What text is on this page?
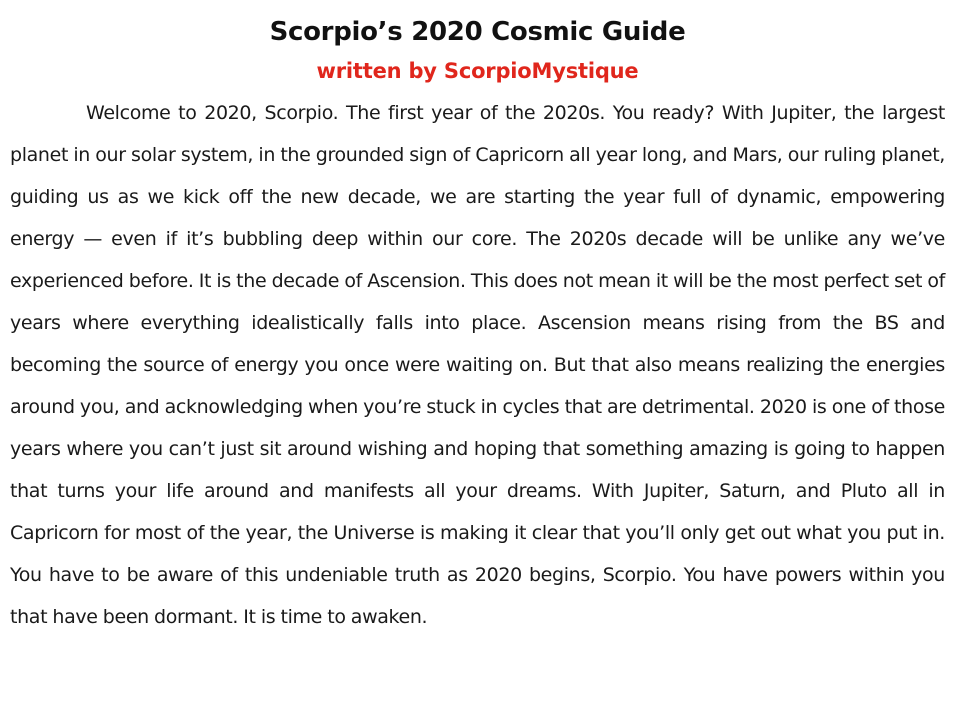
Scorpio’s 2020 Cosmic Guide
written by ScorpioMystique

Welcome to 2020, Scorpio. The first year of the 2020s. You ready? With Jupiter, the largest planet in our solar system, in the grounded sign of Capricorn all year long, and Mars, our ruling planet, guiding us as we kick off the new decade, we are starting the year full of dynamic, empowering energy — even if it’s bubbling deep within our core. The 2020s decade will be unlike any we’ve experienced before. It is the decade of Ascension. This does not mean it will be the most perfect set of years where everything idealistically falls into place. Ascension means rising from the BS and becoming the source of energy you once were waiting on. But that also means realizing the energies around you, and acknowledging when you’re stuck in cycles that are detrimental. 2020 is one of those years where you can’t just sit around wishing and hoping that something amazing is going to happen that turns your life around and manifests all your dreams. With Jupiter, Saturn, and Pluto all in Capricorn for most of the year, the Universe is making it clear that you’ll only get out what you put in. You have to be aware of this undeniable truth as 2020 begins, Scorpio. You have powers within you that have been dormant. It is time to awaken.
